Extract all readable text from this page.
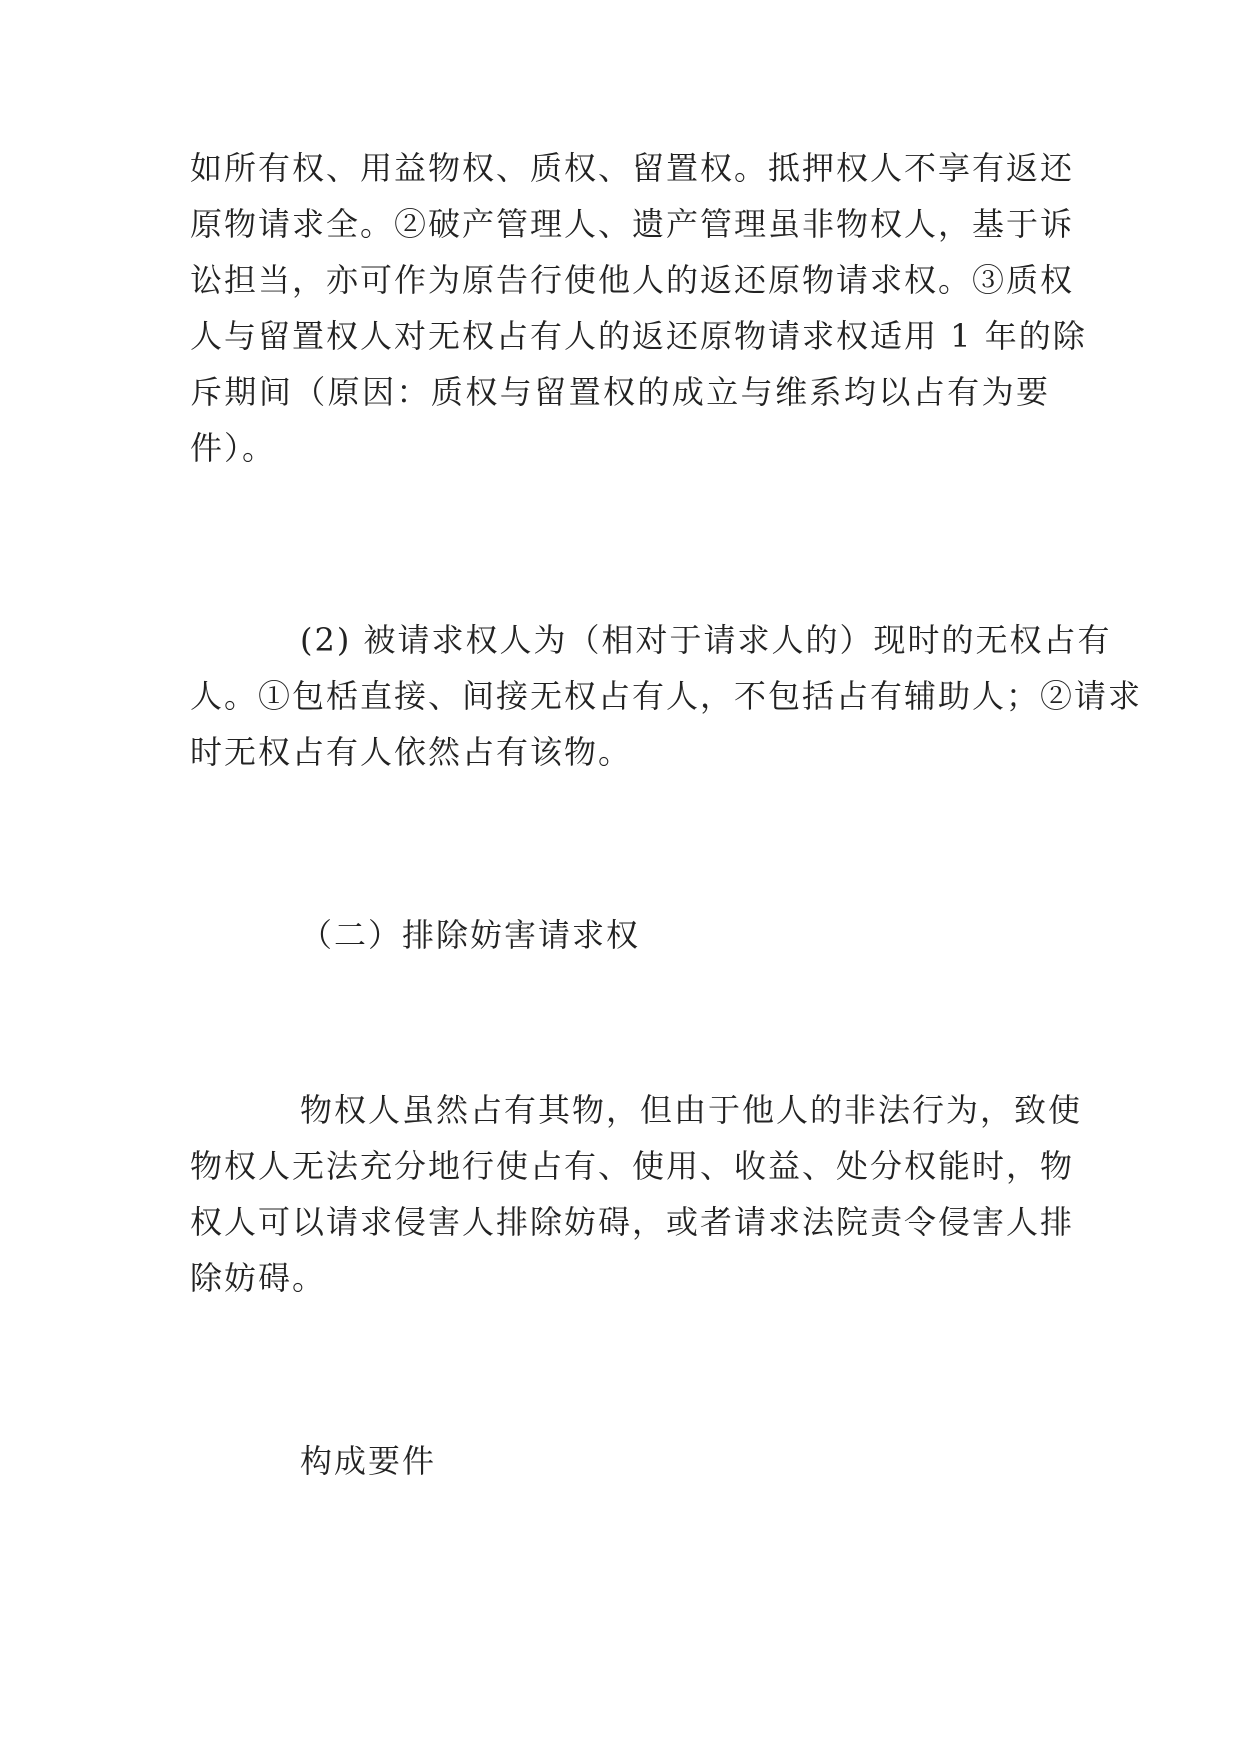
如所有权、用益物权、质权、留置权。抵押权人不享有返还
原物请求全。②破产管理人、遗产管理虽非物权人，基于诉
讼担当，亦可作为原告行使他人的返还原物请求权。③质权
人与留置权人对无权占有人的返还原物请求权适用 1 年的除
斥期间（原因：质权与留置权的成立与维系均以占有为要
件）。
(2) 被请求权人为（相对于请求人的）现时的无权占有
人。①包栝直接、间接无权占有人，不包括占有辅助人；②请求
时无权占有人依然占有该物。
（二）排除妨害请求权
物权人虽然占有其物，但由于他人的非法行为，致使
物权人无法充分地行使占有、使用、收益、处分权能时，物
权人可以请求侵害人排除妨碍，或者请求法院责令侵害人排
除妨碍。
构成要件
